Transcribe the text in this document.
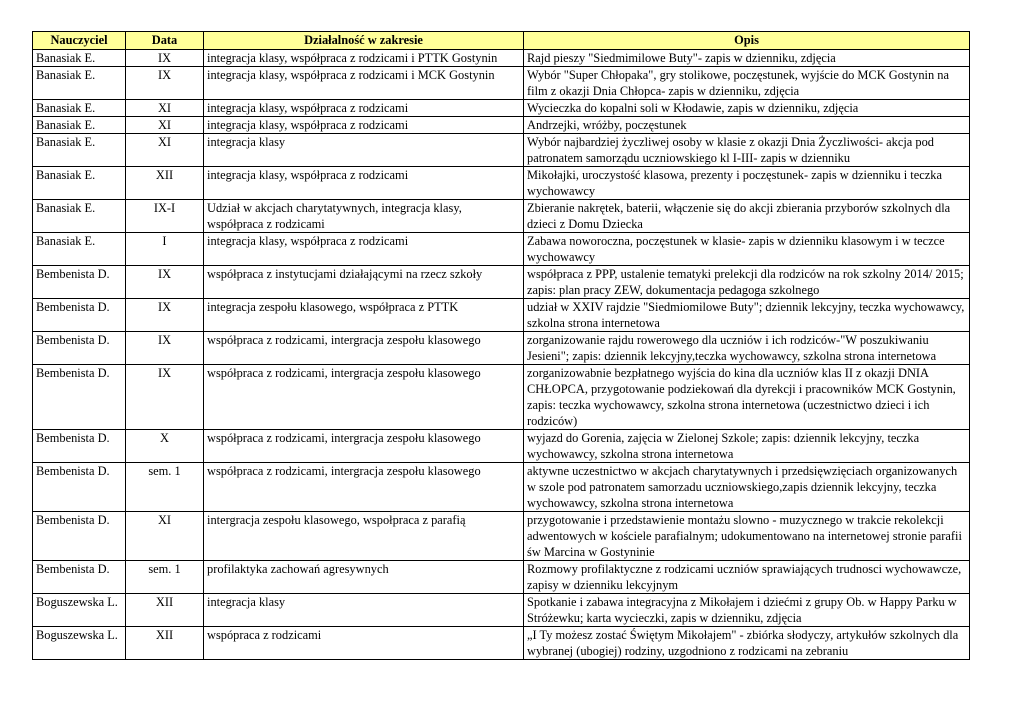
Nauczyciel	Data	Działalność w zakresie	Opis
Banasiak E.	IX	integracja klasy, współpraca z rodzicami i PTTK Gostynin	Rajd pieszy "Siedmimilowe Buty"- zapis w dzienniku, zdjęcia
Banasiak E.	IX	integracja klasy, współpraca z rodzicami i MCK Gostynin	Wybór "Super Chłopaka", gry stolikowe, poczęstunek, wyjście do MCK Gostynin na film z okazji Dnia Chłopca- zapis w dzienniku, zdjęcia
Banasiak E.	XI	integracja klasy, współpraca z rodzicami	Wycieczka do kopalni soli w Kłodawie, zapis w dzienniku, zdjęcia
Banasiak E.	XI	integracja klasy, współpraca z rodzicami	Andrzejki, wróżby, poczęstunek
Banasiak E.	XI	integracja klasy	Wybór najbardziej życzliwej osoby w klasie z okazji Dnia Życzliwości- akcja pod patronatem samorządu uczniowskiego kl I-III- zapis w dzienniku
Banasiak E.	XII	integracja klasy, współpraca z rodzicami	Mikołajki, uroczystość klasowa, prezenty i poczęstunek- zapis w dzienniku i teczka wychowawcy
Banasiak E.	IX-I	Udział w akcjach charytatywnych, integracja klasy, współpraca z rodzicami	Zbieranie nakrętek, baterii, włączenie się do akcji zbierania przyborów szkolnych dla dzieci z Domu Dziecka
Banasiak E.	I	integracja klasy, współpraca z rodzicami	Zabawa noworoczna, poczęstunek w klasie- zapis w dzienniku klasowym i w teczce wychowawcy
Bembenista D.	IX	współpraca z instytucjami działającymi na rzecz szkoły	współpraca z PPP, ustalenie tematyki prelekcji dla rodziców na rok szkolny 2014/ 2015; zapis: plan pracy ZEW, dokumentacja pedagoga szkolnego
Bembenista D.	IX	integracja zespołu klasowego, współpraca z PTTK	udział w XXIV rajdzie "Siedmiomilowe Buty"; dziennik lekcyjny, teczka wychowawcy, szkolna strona internetowa
Bembenista D.	IX	współpraca z rodzicami, intergracja zespołu klasowego	zorganizowanie rajdu rowerowego dla uczniów i ich rodziców-"W poszukiwaniu Jesieni"; zapis: dziennik lekcyjny,teczka wychowawcy, szkolna strona internetowa
Bembenista D.	IX	współpraca z rodzicami, intergracja zespołu klasowego	zorganizowabnie bezpłatnego wyjścia do kina dla uczniów klas II z okazji DNIA CHŁOPCA, przygotowanie podziekowań dla dyrekcji i pracowników MCK Gostynin, zapis: teczka wychowawcy, szkolna strona internetowa (uczestnictwo dzieci i ich rodziców)
Bembenista D.	X	współpraca z rodzicami, intergracja zespołu klasowego	wyjazd do Gorenia, zajęcia w Zielonej Szkole; zapis: dziennik lekcyjny, teczka wychowawcy, szkolna strona internetowa
Bembenista D.	sem. 1	współpraca z rodzicami, intergracja zespołu klasowego	aktywne uczestnictwo w akcjach charytatywnych i przedsięwzięciach organizowanych w szole pod patronatem samorzadu uczniowskiego,zapis dziennik lekcyjny, teczka wychowawcy, szkolna strona internetowa
Bembenista D.	XI	intergracja zespołu klasowego, wspołpraca z parafią	przygotowanie i przedstawienie montażu slowno - muzycznego w trakcie rekolekcji adwentowych w kościele parafialnym; udokumentowano na internetowej stronie parafii św Marcina w Gostyninie
Bembenista D.	sem. 1	profilaktyka zachowań agresywnych	Rozmowy profilaktyczne z rodzicami uczniów sprawiających trudnosci wychowawcze, zapisy w dzienniku lekcyjnym
Boguszewska L.	XII	integracja klasy	Spotkanie i zabawa integracyjna z Mikołajem i dziećmi z grupy Ob. w Happy Parku w Stróżewku; karta wycieczki, zapis w dzienniku, zdjęcia
Boguszewska L.	XII	wspópraca z rodzicami	„I Ty możesz zostać Świętym Mikołajem" - zbiórka słodyczy, artykułów szkolnych dla wybranej (ubogiej) rodziny, uzgodniono z rodzicami na zebraniu
